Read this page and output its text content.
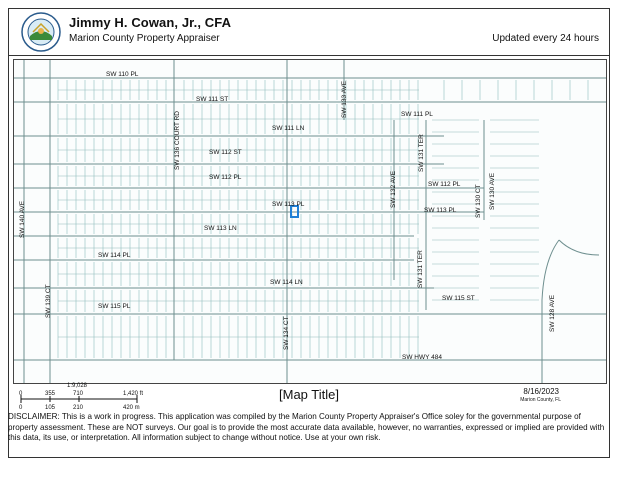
Jimmy H. Cowan, Jr., CFA
Marion County Property Appraiser	Updated every 24 hours
SW 110 PL
SW 111 ST
SW 111 PL
SW 111 LN
SW 112 ST
SW 112 PL
SW 112 PL
SW 113 PL
SW 113 PL
SW 113 LN
SW 114 PL
SW 114 LN
SW 115 ST
SW 115 PL
SW HWY 484
SW 133 AVE
SW 136 COURT RD	SW 131 TER
SW 132 AVE	SW 130 CT SW 130 AVE
SW 140 AVE
SW 139 CT
SW 131 TER
SW 134 CT
SW 128 AVE
1:9,028
0	355	710	1,420 ft
0	105	210	420 m
[Map Title]	8/16/2023
Marion County, FL
DISCLAIMER: This is a work in progress. This application was compiled by the Marion County Property Appraiser's Office soley for the governmental purpose of property assessment. These are NOT surveys. Our goal is to provide the most accurate data available, however, no warranties, expressed or implied are provided with this data, its use, or interpretation. All information subject to change without notice. Use at your own risk.
